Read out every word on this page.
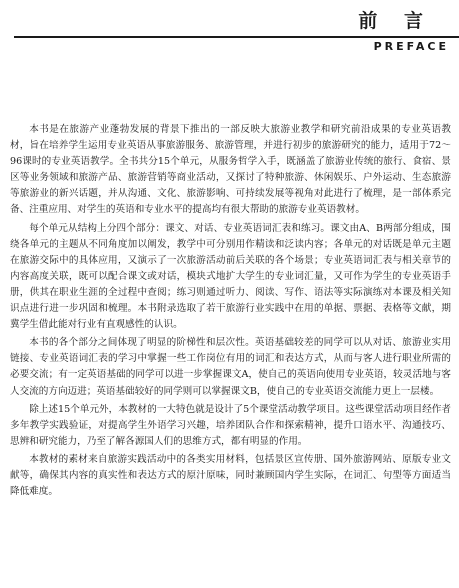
前 言
PREFACE

本书是在旅游产业蓬勃发展的背景下推出的一部反映大旅游业教学和研究前沿成果的专业英语教材，旨在培养学生运用专业英语从事旅游服务、旅游管理，并进行初步的旅游研究的能力，适用于72～96课时的专业英语教学。全书共分15个单元，从服务哲学入手，既涵盖了旅游业传统的旅行、食宿、景区等业务领域和旅游产品、旅游营销等商业活动，又探讨了特种旅游、休闲娱乐、户外运动、生态旅游等旅游业的新兴话题，并从沟通、文化、旅游影响、可持续发展等视角对此进行了梳理，是一部体系完备、注重应用、对学生的英语和专业水平的提高均有很大帮助的旅游专业英语教材。

每个单元从结构上分四个部分：课文、对话、专业英语词汇表和练习。课文由A、B两部分组成，围绕各单元的主题从不同角度加以阐发，教学中可分别用作精读和泛读内容；各单元的对话既是单元主题在旅游交际中的具体应用，又演示了一次旅游活动前后关联的各个场景；专业英语词汇表与相关章节的内容高度关联，既可以配合课文或对话，模块式地扩大学生的专业词汇量，又可作为学生的专业英语手册，供其在职业生涯的全过程中查阅；练习则通过听力、阅读、写作、语法等实际演练对本课及相关知识点进行进一步巩固和梳理。本书附录选取了若干旅游行业实践中在用的单据、票据、表格等文献，期冀学生借此能对行业有直观感性的认识。

本书的各个部分之间体现了明显的阶梯性和层次性。英语基础较差的同学可以从对话、旅游业实用链接、专业英语词汇表的学习中掌握一些工作岗位有用的词汇和表达方式，从而与客人进行职业所需的必要交流；有一定英语基础的同学可以进一步掌握课文A，使自己的英语向使用专业英语，较灵活地与客人交流的方向迈进；英语基础较好的同学则可以掌握课文B，使自己的专业英语交流能力更上一层楼。

除上述15个单元外，本教材的一大特色就是设计了5个课堂活动教学项目。这些课堂活动项目经作者多年教学实践验证，对提高学生外语学习兴趣，培养团队合作和探索精神，提升口语水平、沟通技巧、思辨和研究能力，乃至了解各源国人们的思维方式，都有明显的作用。

本教材的素材来自旅游实践活动中的各类实用材料，包括景区宣传册、国外旅游网站、原版专业文献等，确保其内容的真实性和表达方式的原汁原味，同时兼顾国内学生实际，在词汇、句型等方面适当降低难度。
